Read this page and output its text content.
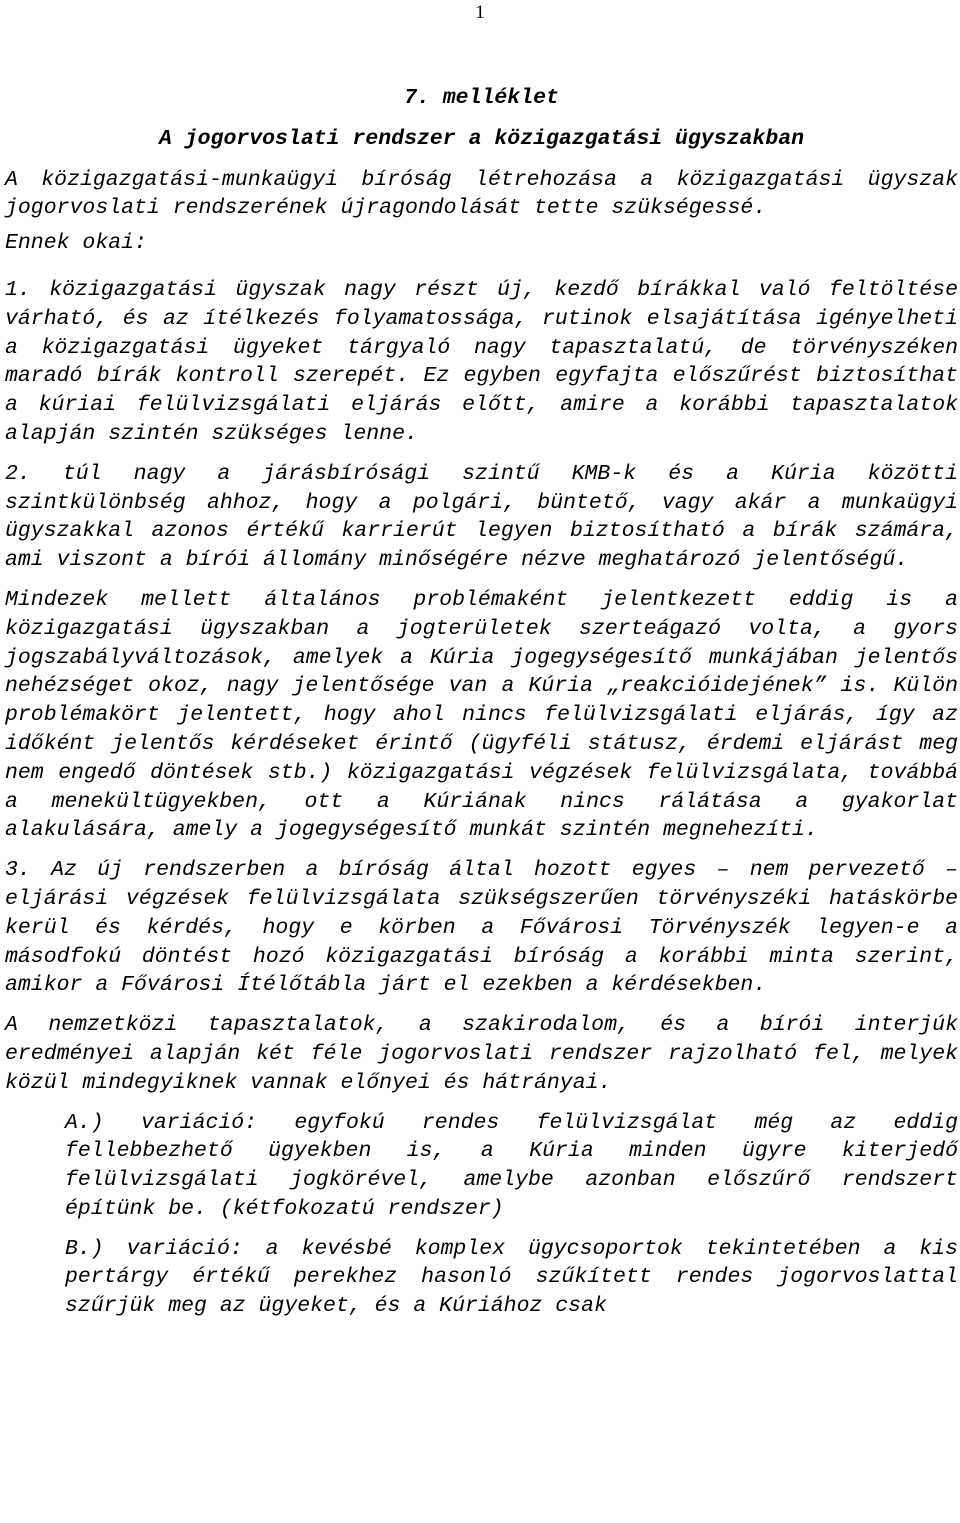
1
7. melléklet
A jogorvoslati rendszer a közigazgatási ügyszakban

A közigazgatási-munkaügyi bíróság létrehozása a közigazgatási ügyszak jogorvoslati rendszerének újragondolását tette szükségessé.

Ennek okai:

1. közigazgatási ügyszak nagy részt új, kezdő bírákkal való feltöltése várható, és az ítélkezés folyamatossága, rutinok elsajátítása igényelheti a közigazgatási ügyeket tárgyaló nagy tapasztalatú, de törvényszéken maradó bírák kontroll szerepét. Ez egyben egyfajta előszűrést biztosíthat a kúriai felülvizsgálati eljárás előtt, amire a korábbi tapasztalatok alapján szintén szükséges lenne.

2. túl nagy a járásbírósági szintű KMB-k és a Kúria közötti szintkülönbség ahhoz, hogy a polgári, büntető, vagy akár a munkaügyi ügyszakkal azonos értékű karrierút legyen biztosítható a bírák számára, ami viszont a bírói állomány minőségére nézve meghatározó jelentőségű.

Mindezek mellett általános problémaként jelentkezett eddig is a közigazgatási ügyszakban a jogterületek szerteágazó volta, a gyors jogszabályváltozások, amelyek a Kúria jogegységesítő munkájában jelentős nehézséget okoz, nagy jelentősége van a Kúria „reakcióidejének” is. Külön problémakört jelentett, hogy ahol nincs felülvizsgálati eljárás, így az időként jelentős kérdéseket érintő (ügyféli státusz, érdemi eljárást meg nem engedő döntések stb.) közigazgatási végzések felülvizsgálata, továbbá a menekültügyekben, ott a Kúriának nincs rálátása a gyakorlat alakulására, amely a jogegységesítő munkát szintén megnehezíti.

3. Az új rendszerben a bíróság által hozott egyes – nem pervezető – eljárási végzések felülvizsgálata szükségszerűen törvényszéki hatáskörbe kerül és kérdés, hogy e körben a Fővárosi Törvényszék legyen-e a másodfokú döntést hozó közigazgatási bíróság a korábbi minta szerint, amikor a Fővárosi Ítélőtábla járt el ezekben a kérdésekben.

A nemzetközi tapasztalatok, a szakirodalom, és a bírói interjúk eredményei alapján két féle jogorvoslati rendszer rajzolható fel, melyek közül mindegyiknek vannak előnyei és hátrányai.

A.) variáció: egyfokú rendes felülvizsgálat még az eddig fellebbezhető ügyekben is, a Kúria minden ügyre kiterjedő felülvizsgálati jogkörével, amelybe azonban előszűrő rendszert építünk be. (kétfokozatú rendszer)

B.) variáció: a kevésbé komplex ügycsoportok tekintetében a kis pertárgy értékű perekhez hasonló szűkített rendes jogorvoslattal szűrjük meg az ügyeket, és a Kúriához csak
